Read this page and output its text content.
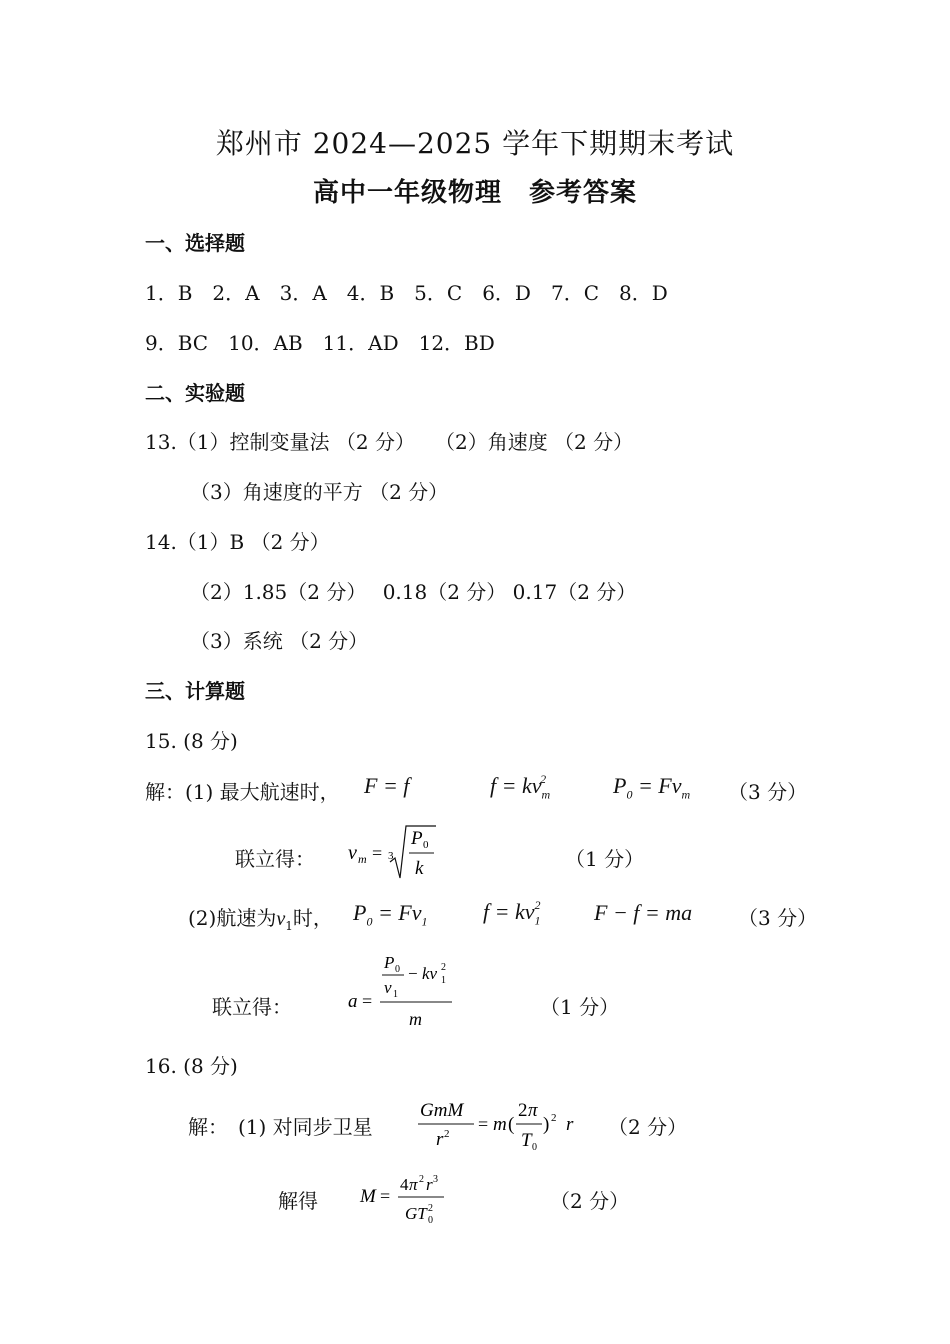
郑州市 2024—2025 学年下期期末考试
高中一年级物理　参考答案
一、选择题
1．B　2．A　3．A　4．B　5．C　6．D　7．C　8．D
9．BC　10．AB　11．AD　12．BD
二、实验题
13.（1）控制变量法 （2 分）　　（2）角速度 （2 分）
（3）角速度的平方 （2 分）
14.（1）B （2 分）
（2）1.85（2 分）　 0.18（2 分） 0.17（2 分）
（3）系统 （2 分）
三、计算题
15. (8 分)
解：(1) 最大航速时， F = f	$f = kv_m^2$	$P_0 = Fv_m$ （3 分）
联立得： v m = 3
P 0
k	（1 分）
(2)航速为$v_1$时， $P_0 = Fv_1$	$f = kv_1^2$ F − f = ma （3 分）
联立得：	a =
P 0
v 1
− kv 1
2
m	（1 分）
16. (8 分)
解：　(1) 对同步卫星
GmM
r 2 = m (
2 π
T 0
) 2 r （2 分）
解得 M =
4 π 2 r 3
GT 0
2	（2 分）
